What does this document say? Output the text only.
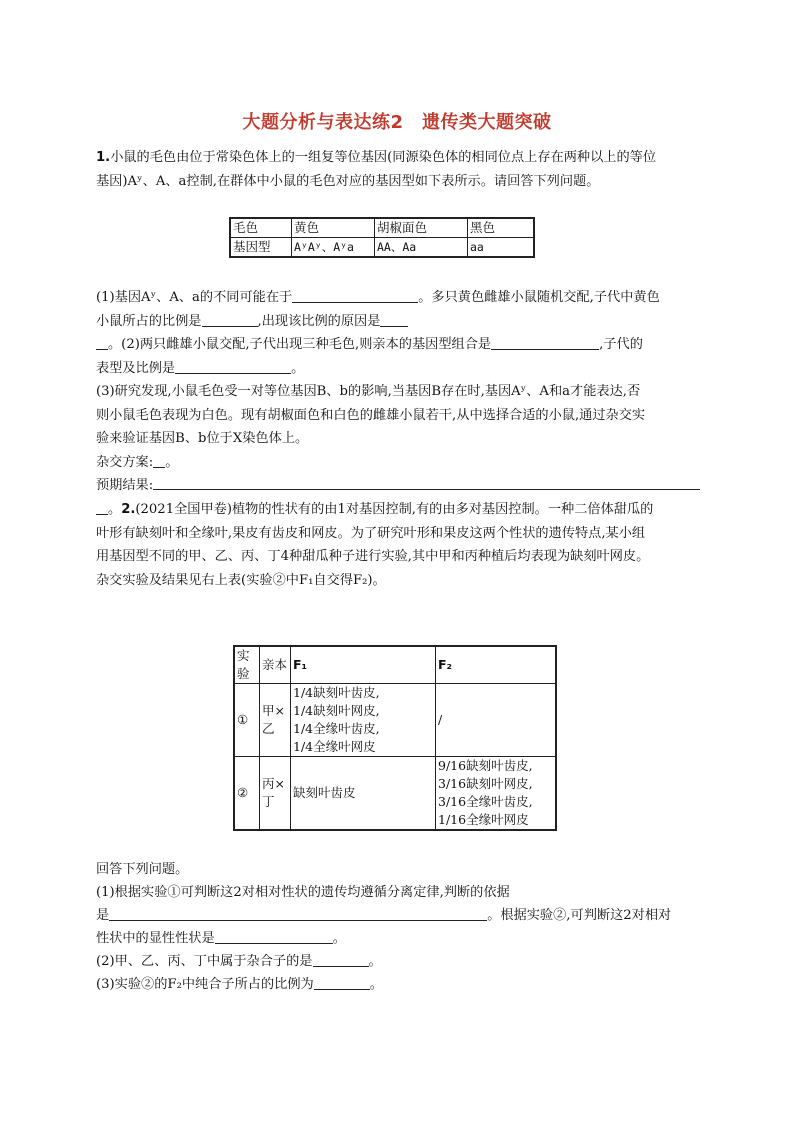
大题分析与表达练2　遗传类大题突破
1.小鼠的毛色由位于常染色体上的一组复等位基因(同源染色体的相同位点上存在两种以上的等位
基因)Aʸ、A、a控制,在群体中小鼠的毛色对应的基因型如下表所示。请回答下列问题。
毛色	黄色	胡椒面色	黑色
基因型	AʸAʸ、Aʸa	AA、Aa	aa
(1)基因Aʸ、A、a的不同可能在于	。多只黄色雌雄小鼠随机交配,子代中黄色
小鼠所占的比例是	,出现该比例的原因是
。(2)两只雌雄小鼠交配,子代出现三种毛色,则亲本的基因型组合是	,子代的
表型及比例是	。
(3)研究发现,小鼠毛色受一对等位基因B、b的影响,当基因B存在时,基因Aʸ、A和a才能表达,否
则小鼠毛色表现为白色。现有胡椒面色和白色的雌雄小鼠若干,从中选择合适的小鼠,通过杂交实
验来验证基因B、b位于X染色体上。
杂交方案: 。
预期结果:
。2.(2021全国甲卷)植物的性状有的由1对基因控制,有的由多对基因控制。一种二倍体甜瓜的
叶形有缺刻叶和全缘叶,果皮有齿皮和网皮。为了研究叶形和果皮这两个性状的遗传特点,某小组
用基因型不同的甲、乙、丙、丁4种甜瓜种子进行实验,其中甲和丙种植后均表现为缺刻叶网皮。
杂交实验及结果见右上表(实验②中F₁自交得F₂)。
实验	亲本	F₁	F₂
①	甲×乙	1/4缺刻叶齿皮,
1/4缺刻叶网皮,
1/4全缘叶齿皮,
1/4全缘叶网皮	/
②	丙×丁	缺刻叶齿皮	9/16缺刻叶齿皮,
3/16缺刻叶网皮,
3/16全缘叶齿皮,
1/16全缘叶网皮
回答下列问题。
(1)根据实验①可判断这2对相对性状的遗传均遵循分离定律,判断的依据
是	。根据实验②,可判断这2对相对
性状中的显性性状是	。
(2)甲、乙、丙、丁中属于杂合子的是	。
(3)实验②的F₂中纯合子所占的比例为	。
